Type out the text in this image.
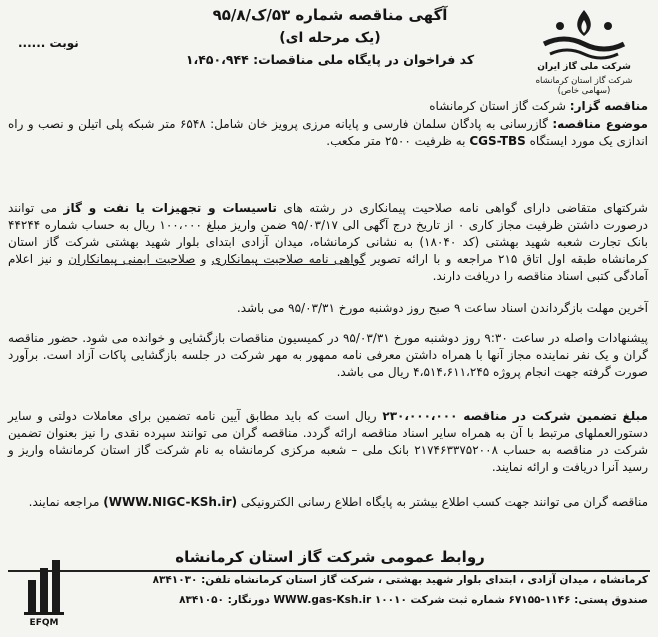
آگهی مناقصه شماره ۵۳/ک/۹۵/۸
(یک مرحله ای)
کد فراخوان در پایگاه ملی مناقصات: ۱،۴۵۰،۹۴۴
نوبت ......
شرکت ملی گاز ایران
شرکت گاز استان کرمانشاه (سهامی خاص)
مناقصه گزار: شرکت گاز استان کرمانشاه
موضوع مناقصه: گازرسانی به پادگان سلمان فارسی و پایانه مرزی پرویز خان شامل: ۶۵۴۸ متر شبکه پلی اتیلن و نصب و راه اندازی یک مورد ایستگاه CGS-TBS به ظرفیت ۲۵۰۰ متر مکعب.
شرکتهای متقاضی دارای گواهی نامه صلاحیت پیمانکاری در رشته های تاسیسات و تجهیزات یا نفت و گاز می توانند درصورت داشتن ظرفیت مجاز کاری ۰ از تاریخ درج آگهی الی ۹۵/۰۳/۱۷ ضمن واریز مبلغ ۱۰۰،۰۰۰ ریال به حساب شماره ۴۴۲۴۴ بانک تجارت شعبه شهید بهشتی (کد ۱۸۰۴۰) به نشانی کرمانشاه، میدان آزادی ابتدای بلوار شهید بهشتی شرکت گاز استان کرمانشاه طبقه اول اتاق ۲۱۵ مراجعه و با ارائه تصویر گواهی نامه صلاحیت پیمانکاری و صلاحیت ایمنی پیمانکاران و نیز اعلام آمادگی کتبی اسناد مناقصه را دریافت دارند.
آخرین مهلت بازگرداندن اسناد ساعت ۹ صبح روز دوشنبه مورخ ۹۵/۰۳/۳۱ می باشد.
پیشنهادات واصله در ساعت ۹:۳۰ روز دوشنبه مورخ ۹۵/۰۳/۳۱ در کمیسیون مناقصات بازگشایی و خوانده می شود. حضور مناقصه گران و یک نفر نماینده مجاز آنها با همراه داشتن معرفی نامه ممهور به مهر شرکت در جلسه بازگشایی پاکات آزاد است. برآورد صورت گرفته جهت انجام پروژه ۴،۵۱۴،۶۱۱،۲۴۵ ریال می باشد.
مبلغ تضمین شرکت در مناقصه ۲۳۰،۰۰۰،۰۰۰ ریال است که باید مطابق آیین نامه تضمین برای معاملات دولتی و سایر دستورالعملهای مرتبط با آن به همراه سایر اسناد مناقصه ارائه گردد. مناقصه گران می توانند سپرده نقدی را نیز بعنوان تضمین شرکت در مناقصه به حساب ۲۱۷۴۶۳۳۷۵۲۰۰۸ بانک ملی – شعبه مرکزی کرمانشاه به نام شرکت گاز استان کرمانشاه واریز و رسید آنرا دریافت و ارائه نمایند.
مناقصه گران می توانند جهت کسب اطلاع بیشتر به پایگاه اطلاع رسانی الکترونیکی (WWW.NIGC-KSh.ir) مراجعه نمایند.
روابط عمومی شرکت گاز استان کرمانشاه
کرمانشاه ، میدان آزادی ، ابتدای بلوار شهید بهشتی ، شرکت گاز استان کرمانشاه تلفن: ۸۳۴۱۰۳۰
صندوق پستی: ۱۱۴۶-۶۷۱۵۵ شماره ثبت شرکت ۱۰۰۱۰ WWW.gas-Ksh.ir دورنگار: ۸۳۴۱۰۵۰
EFQM
